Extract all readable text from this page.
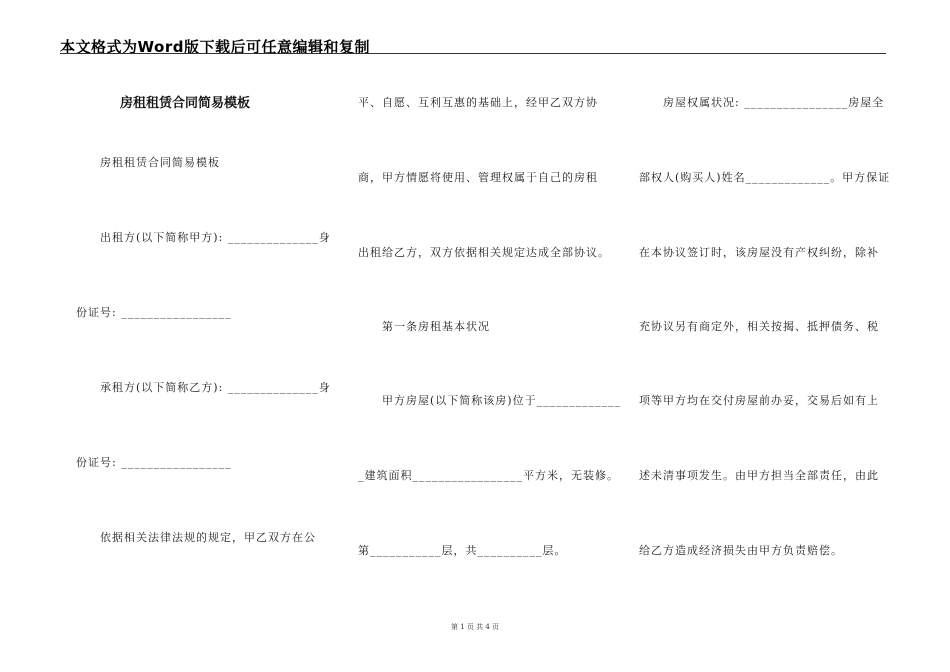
本文格式为Word版下载后可任意编辑和复制
房租租赁合同简易模板
房租租赁合同简易模板
出租方(以下简称甲方): ______________身
份证号: _________________
承租方(以下简称乙方): ______________身
份证号: _________________
依据相关法律法规的规定，甲乙双方在公
平、自愿、互利互惠的基础上，经甲乙双方协
商，甲方情愿将使用、管理权属于自己的房租
出租给乙方，双方依据相关规定达成全部协议。
第一条房租基本状况
甲方房屋(以下简称该房)位于_____________
_建筑面积_________________平方米，无装修。
第___________层，共__________层。
房屋权属状况: ________________房屋全
部权人(购买人)姓名_____________。甲方保证
在本协议签订时，该房屋没有产权纠纷，除补
充协议另有商定外，相关按揭、抵押债务、税
项等甲方均在交付房屋前办妥，交易后如有上
述未清事项发生。由甲方担当全部责任，由此
给乙方造成经济损失由甲方负责赔偿。
第 1 页 共 4 页
